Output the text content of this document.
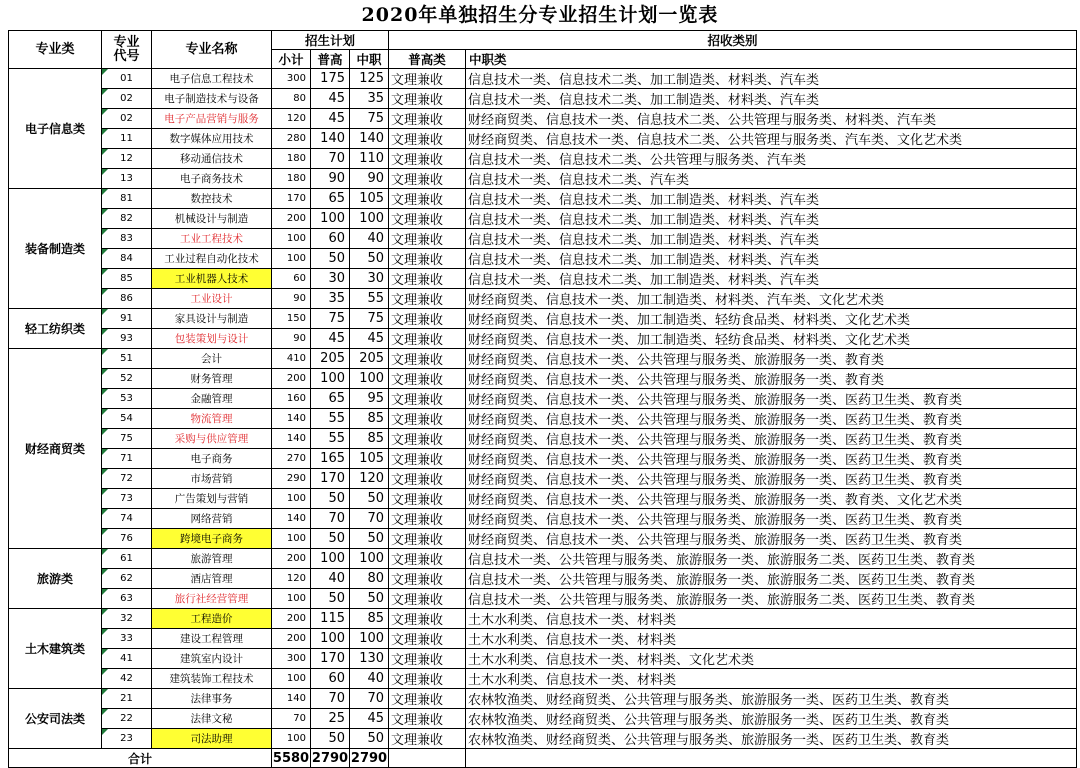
2020年单独招生分专业招生计划一览表
专业类	专业代号	专业名称	招生计划			招收类别	
			小计	普高	中职	普高类	中职类
电子信息类	01	电子信息工程技术	300	175	125	文理兼收	信息技术一类、信息技术二类、加工制造类、材料类、汽车类
	02	电子制造技术与设备	80	45	35	文理兼收	信息技术一类、信息技术二类、加工制造类、材料类、汽车类
	02	电子产品营销与服务	120	45	75	文理兼收	财经商贸类、信息技术一类、信息技术二类、公共管理与服务类、材料类、汽车类
	11	数字媒体应用技术	280	140	140	文理兼收	财经商贸类、信息技术一类、信息技术二类、公共管理与服务类、汽车类、文化艺术类
	12	移动通信技术	180	70	110	文理兼收	信息技术一类、信息技术二类、公共管理与服务类、汽车类
	13	电子商务技术	180	90	90	文理兼收	信息技术一类、信息技术二类、汽车类
装备制造类	81	数控技术	170	65	105	文理兼收	信息技术一类、信息技术二类、加工制造类、材料类、汽车类
	82	机械设计与制造	200	100	100	文理兼收	信息技术一类、信息技术二类、加工制造类、材料类、汽车类
	83	工业工程技术	100	60	40	文理兼收	信息技术一类、信息技术二类、加工制造类、材料类、汽车类
	84	工业过程自动化技术	100	50	50	文理兼收	信息技术一类、信息技术二类、加工制造类、材料类、汽车类
	85	工业机器人技术	60	30	30	文理兼收	信息技术一类、信息技术二类、加工制造类、材料类、汽车类
	86	工业设计	90	35	55	文理兼收	财经商贸类、信息技术一类、加工制造类、材料类、汽车类、文化艺术类
轻工纺织类	91	家具设计与制造	150	75	75	文理兼收	财经商贸类、信息技术一类、加工制造类、轻纺食品类、材料类、文化艺术类
	93	包装策划与设计	90	45	45	文理兼收	财经商贸类、信息技术一类、加工制造类、轻纺食品类、材料类、文化艺术类
财经商贸类	51	会计	410	205	205	文理兼收	财经商贸类、信息技术一类、公共管理与服务类、旅游服务一类、教育类
	52	财务管理	200	100	100	文理兼收	财经商贸类、信息技术一类、公共管理与服务类、旅游服务一类、教育类
	53	金融管理	160	65	95	文理兼收	财经商贸类、信息技术一类、公共管理与服务类、旅游服务一类、医药卫生类、教育类
	54	物流管理	140	55	85	文理兼收	财经商贸类、信息技术一类、公共管理与服务类、旅游服务一类、医药卫生类、教育类
	75	采购与供应管理	140	55	85	文理兼收	财经商贸类、信息技术一类、公共管理与服务类、旅游服务一类、医药卫生类、教育类
	71	电子商务	270	165	105	文理兼收	财经商贸类、信息技术一类、公共管理与服务类、旅游服务一类、医药卫生类、教育类
	72	市场营销	290	170	120	文理兼收	财经商贸类、信息技术一类、公共管理与服务类、旅游服务一类、医药卫生类、教育类
	73	广告策划与营销	100	50	50	文理兼收	财经商贸类、信息技术一类、公共管理与服务类、旅游服务一类、教育类、文化艺术类
	74	网络营销	140	70	70	文理兼收	财经商贸类、信息技术一类、公共管理与服务类、旅游服务一类、医药卫生类、教育类
	76	跨境电子商务	100	50	50	文理兼收	财经商贸类、信息技术一类、公共管理与服务类、旅游服务一类、医药卫生类、教育类
旅游类	61	旅游管理	200	100	100	文理兼收	信息技术一类、公共管理与服务类、旅游服务一类、旅游服务二类、医药卫生类、教育类
	62	酒店管理	120	40	80	文理兼收	信息技术一类、公共管理与服务类、旅游服务一类、旅游服务二类、医药卫生类、教育类
	63	旅行社经营管理	100	50	50	文理兼收	信息技术一类、公共管理与服务类、旅游服务一类、旅游服务二类、医药卫生类、教育类
土木建筑类	32	工程造价	200	115	85	文理兼收	土木水利类、信息技术一类、材料类
	33	建设工程管理	200	100	100	文理兼收	土木水利类、信息技术一类、材料类
	41	建筑室内设计	300	170	130	文理兼收	土木水利类、信息技术一类、材料类、文化艺术类
	42	建筑装饰工程技术	100	60	40	文理兼收	土木水利类、信息技术一类、材料类
公安司法类	21	法律事务	140	70	70	文理兼收	农林牧渔类、财经商贸类、公共管理与服务类、旅游服务一类、医药卫生类、教育类
	22	法律文秘	70	25	45	文理兼收	农林牧渔类、财经商贸类、公共管理与服务类、旅游服务一类、医药卫生类、教育类
	23	司法助理	100	50	50	文理兼收	农林牧渔类、财经商贸类、公共管理与服务类、旅游服务一类、医药卫生类、教育类
合计			5580	2790	2790		
